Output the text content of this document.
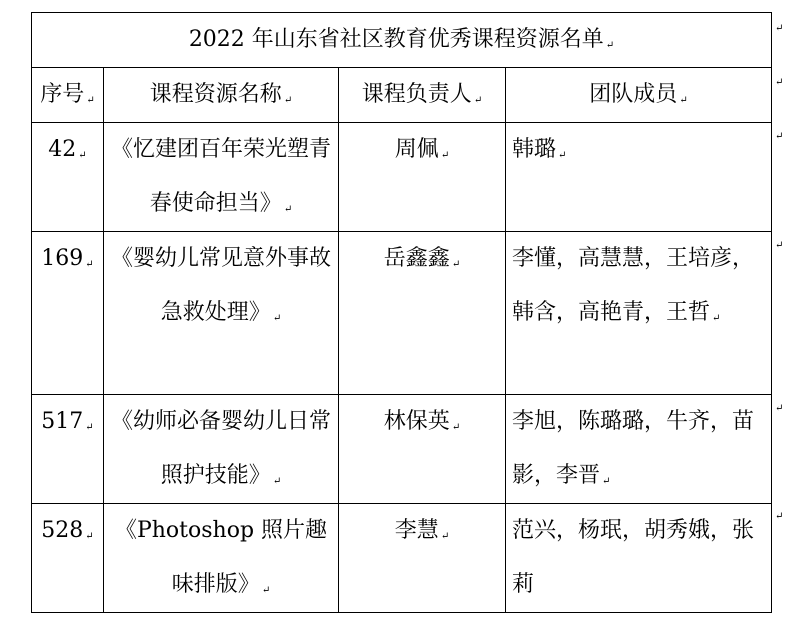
2022 年山东省社区教育优秀课程资源名单 ↵			
序号 ↵	课程资源名称 ↵	课程负责人 ↵	团队成员 ↵
42 ↵	《忆建团百年荣光塑青春使命担当》 ↵	周佩 ↵	韩璐 ↵
169 ↵	《婴幼儿常见意外事故急救处理》 ↵	岳鑫鑫 ↵	李懂，高慧慧，王培彦，韩含，高艳青，王哲 ↵
517 ↵	《幼师必备婴幼儿日常照护技能》 ↵	林保英 ↵	李旭，陈璐璐，牛齐，苗影，李晋 ↵
528 ↵	《Photoshop 照片趣味排版》 ↵	李慧 ↵	范兴，杨珉，胡秀娥，张莉
↵
↵
↵
↵
↵
↵
